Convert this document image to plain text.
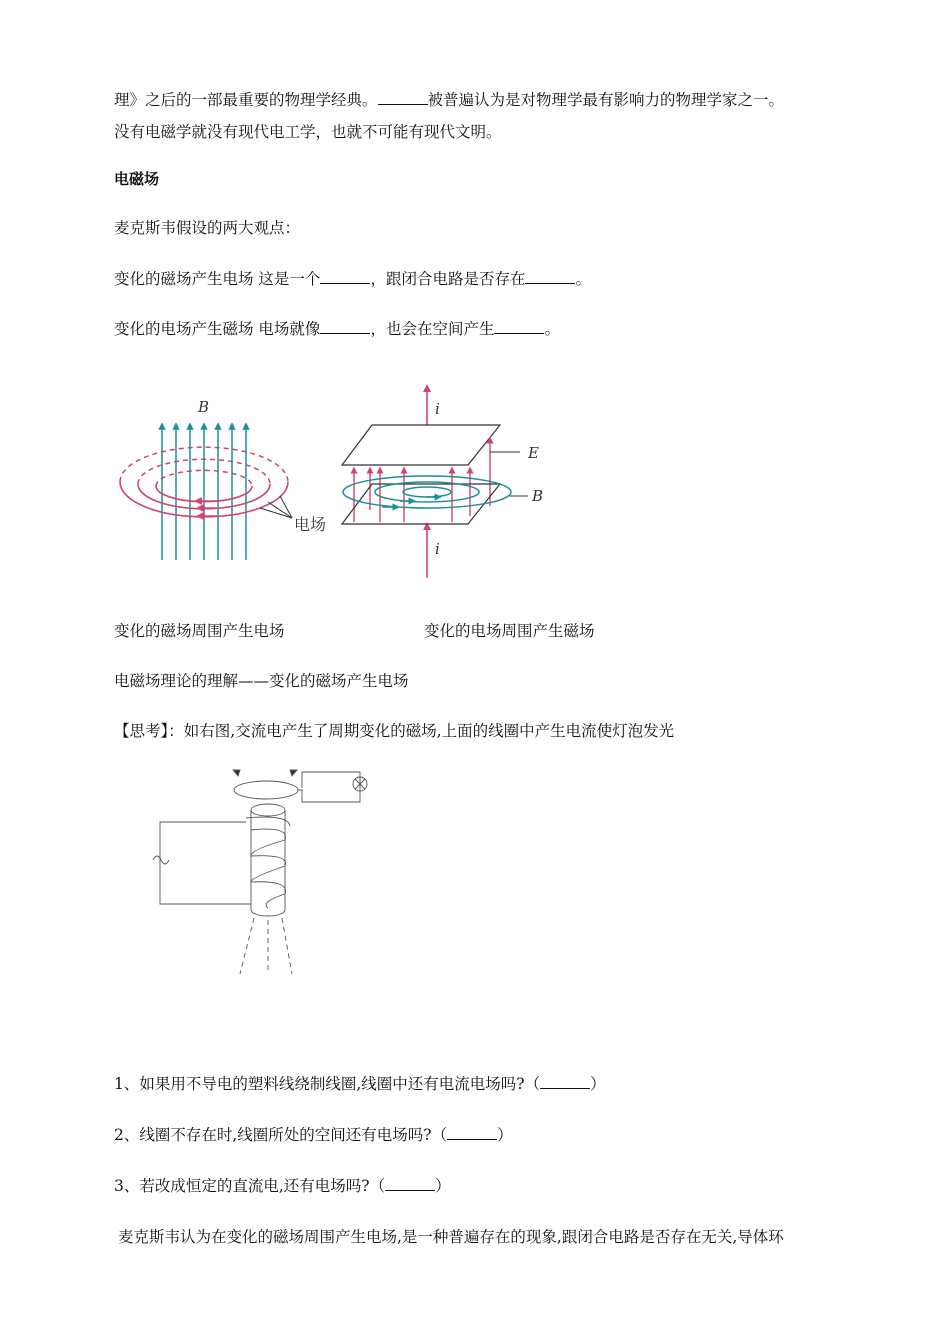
理》之后的一部最重要的物理学经典。	被普遍认为是对物理学最有影响力的物理学家之一。
没有电磁学就没有现代电工学，也就不可能有现代文明。
电磁场
麦克斯韦假设的两大观点：
变化的磁场产生电场 这是一个	，跟闭合电路是否存在	。
变化的电场产生磁场 电场就像	，也会在空间产生	。
B
电场
i
E
B
i
变化的磁场周围产生电场	变化的电场周围产生磁场
电磁场理论的理解——变化的磁场产生电场
【思考】：如右图,交流电产生了周期变化的磁场,上面的线圈中产生电流使灯泡发光
1、如果用不导电的塑料线绕制线圈,线圈中还有电流电场吗?（	）
2、线圈不存在时,线圈所处的空间还有电场吗?（	）
3、若改成恒定的直流电,还有电场吗?（	）
麦克斯韦认为在变化的磁场周围产生电场,是一种普遍存在的现象,跟闭合电路是否存在无关,导体环
